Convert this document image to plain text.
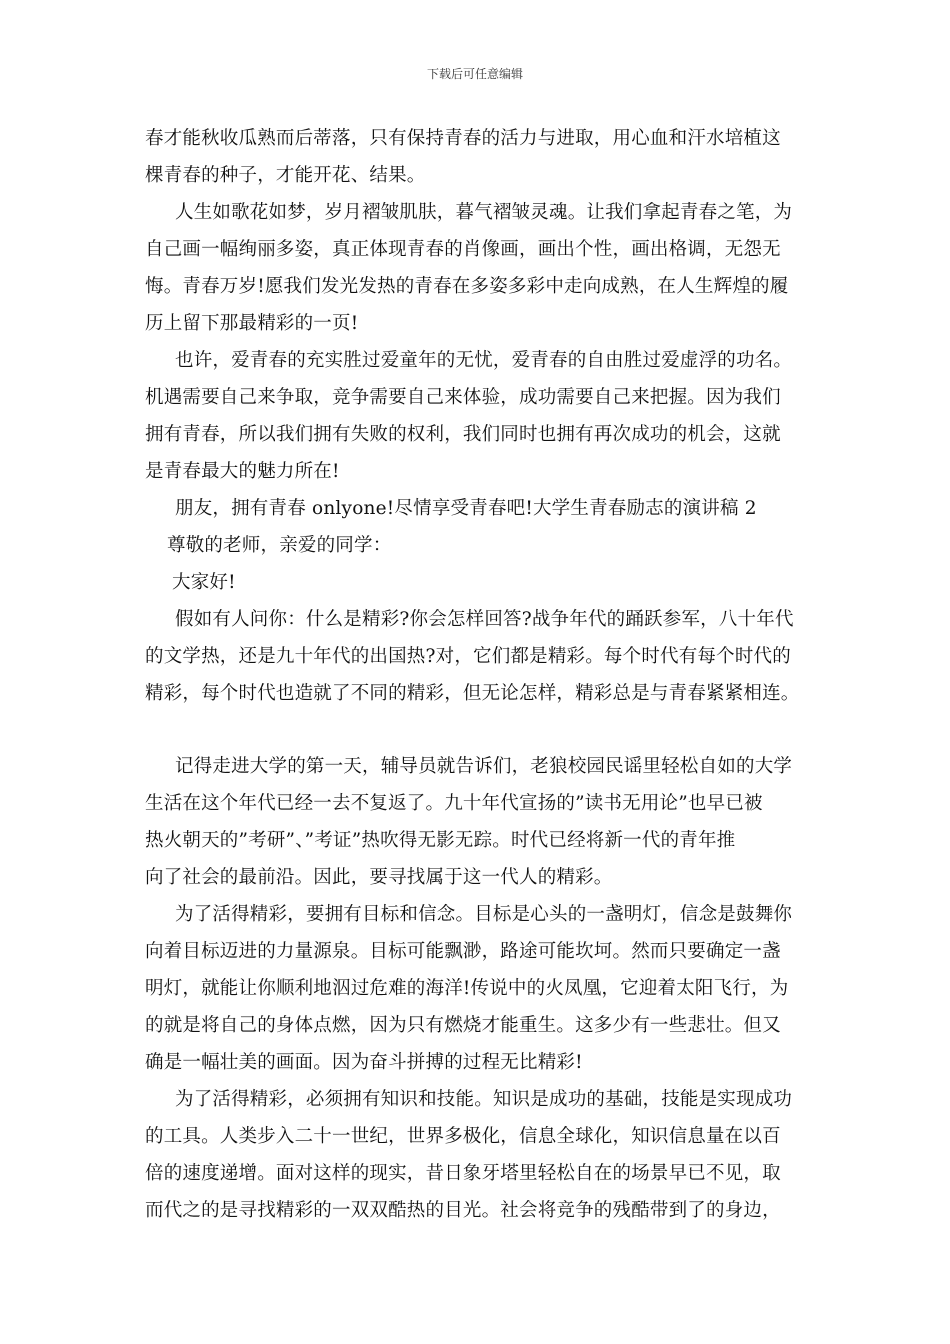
下载后可任意编辑
春才能秋收瓜熟而后蒂落，只有保持青春的活力与进取，用心血和汗水培植这
棵青春的种子，才能开花、结果。
人生如歌花如梦，岁月褶皱肌肤，暮气褶皱灵魂。让我们拿起青春之笔，为
自己画一幅绚丽多姿，真正体现青春的肖像画，画出个性，画出格调，无怨无
悔。青春万岁!愿我们发光发热的青春在多姿多彩中走向成熟，在人生辉煌的履
历上留下那最精彩的一页!
也许，爱青春的充实胜过爱童年的无忧，爱青春的自由胜过爱虚浮的功名。
机遇需要自己来争取，竞争需要自己来体验，成功需要自己来把握。因为我们
拥有青春，所以我们拥有失败的权利，我们同时也拥有再次成功的机会，这就
是青春最大的魅力所在!
朋友，拥有青春 onlyone!尽情享受青春吧!大学生青春励志的演讲稿 2
尊敬的老师，亲爱的同学：
大家好!
假如有人问你：什么是精彩?你会怎样回答?战争年代的踊跃参军，八十年代
的文学热，还是九十年代的出国热?对，它们都是精彩。每个时代有每个时代的
精彩，每个时代也造就了不同的精彩，但无论怎样，精彩总是与青春紧紧相连。
记得走进大学的第一天，辅导员就告诉们，老狼校园民谣里轻松自如的大学
生活在这个年代已经一去不复返了。九十年代宣扬的”读书无用论”也早已被
热火朝天的”考研”、”考证”热吹得无影无踪。时代已经将新一代的青年推
向了社会的最前沿。因此，要寻找属于这一代人的精彩。
为了活得精彩，要拥有目标和信念。目标是心头的一盏明灯，信念是鼓舞你
向着目标迈进的力量源泉。目标可能飘渺，路途可能坎坷。然而只要确定一盏
明灯，就能让你顺利地泅过危难的海洋!传说中的火凤凰，它迎着太阳飞行，为
的就是将自己的身体点燃，因为只有燃烧才能重生。这多少有一些悲壮。但又
确是一幅壮美的画面。因为奋斗拼搏的过程无比精彩!
为了活得精彩，必须拥有知识和技能。知识是成功的基础，技能是实现成功
的工具。人类步入二十一世纪，世界多极化，信息全球化，知识信息量在以百
倍的速度递增。面对这样的现实，昔日象牙塔里轻松自在的场景早已不见，取
而代之的是寻找精彩的一双双酷热的目光。社会将竞争的残酷带到了的身边，
